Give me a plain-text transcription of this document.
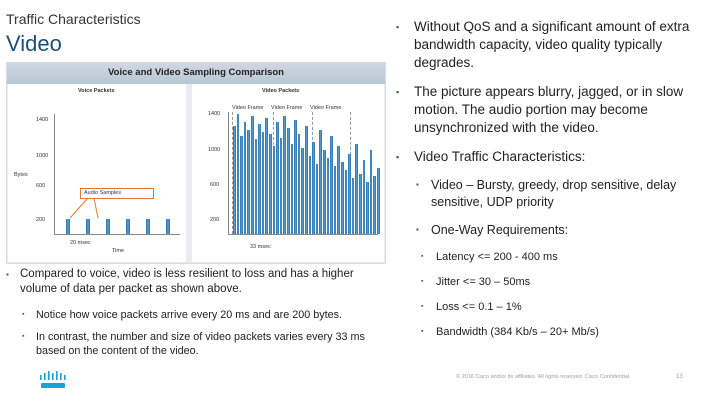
Traffic Characteristics
Video
Voice and Video Sampling Comparison
Voice Packets
1400
1000
Bytes
600
200
Audio Samples
20 msec
Time
Video Packets
Video Frame Video Frame Video Frame
1400
1000
600
200
33 msec
▪ Without QoS and a significant amount of extra bandwidth capacity, video quality typically degrades.
▪ The picture appears blurry, jagged, or in slow motion. The audio portion may become unsynchronized with the video.
▪ Video Traffic Characteristics:
▪ Video – Bursty, greedy, drop sensitive, delay sensitive, UDP priority
▪ One-Way Requirements:
▪ Latency <= 200 - 400 ms
▪ Jitter <= 30 – 50ms
▪ Loss <= 0.1 – 1%
▪ Bandwidth (384 Kb/s – 20+ Mb/s)
▪ Compared to voice, video is less resilient to loss and has a higher volume of data per packet as shown above.
▪ Notice how voice packets arrive every 20 ms and are 200 bytes.
▪ In contrast, the number and size of video packets varies every 33 ms based on the content of the video.
© 2016 Cisco and/or its affiliates. All rights reserved. Cisco Confidential	13
